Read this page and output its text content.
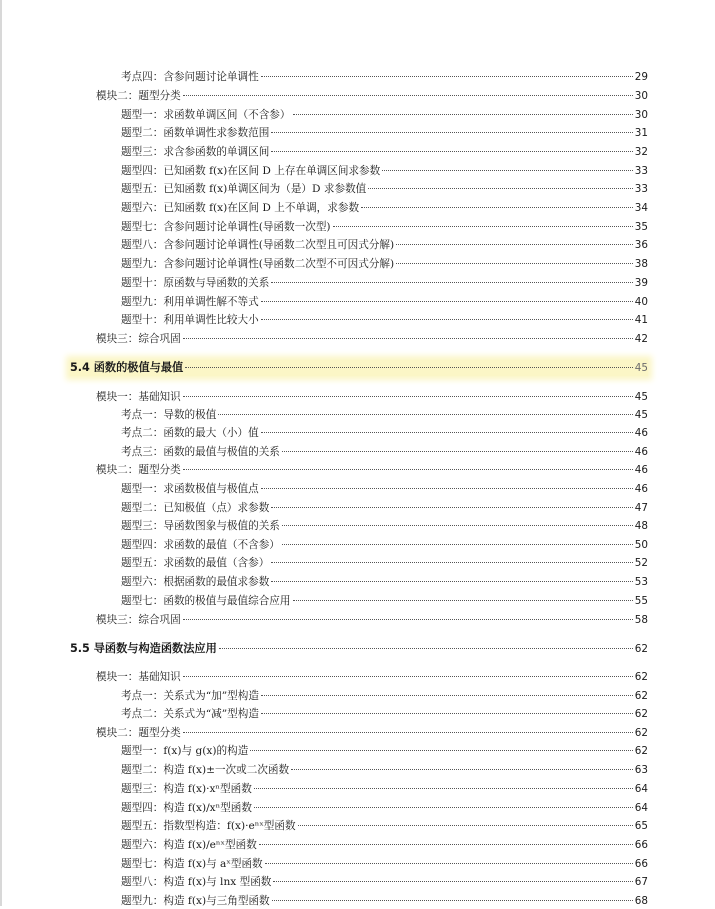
考点四：含参问题讨论单调性	29
模块二：题型分类	30
题型一：求函数单调区间（不含参）	30
题型二：函数单调性求参数范围	31
题型三：求含参函数的单调区间	32
题型四：已知函数 f(x)在区间 D 上存在单调区间求参数	33
题型五：已知函数 f(x)单调区间为（是）D 求参数值	33
题型六：已知函数 f(x)在区间 D 上不单调，求参数	34
题型七：含参问题讨论单调性(导函数一次型)	35
题型八：含参问题讨论单调性(导函数二次型且可因式分解)	36
题型九：含参问题讨论单调性(导函数二次型不可因式分解)	38
题型十：原函数与导函数的关系	39
题型九：利用单调性解不等式	40
题型十：利用单调性比较大小	41
模块三：综合巩固	42
5.4 函数的极值与最值	45
模块一：基础知识	45
考点一：导数的极值	45
考点二：函数的最大（小）值	46
考点三：函数的最值与极值的关系	46
模块二：题型分类	46
题型一：求函数极值与极值点	46
题型二：已知极值（点）求参数	47
题型三：导函数图象与极值的关系	48
题型四：求函数的最值（不含参）	50
题型五：求函数的最值（含参）	52
题型六：根据函数的最值求参数	53
题型七：函数的极值与最值综合应用	55
模块三：综合巩固	58
5.5 导函数与构造函数法应用	62
模块一：基础知识	62
考点一：关系式为“加”型构造	62
考点二：关系式为“减”型构造	62
模块二：题型分类	62
题型一：f(x)与 g(x)的构造	62
题型二：构造 f(x)±一次或二次函数	63
题型三：构造 f(x)·xⁿ型函数	64
题型四：构造 f(x)/xⁿ型函数	64
题型五：指数型构造：f(x)·eⁿˣ型函数	65
题型六：构造 f(x)/eⁿˣ型函数	66
题型七：构造 f(x)与 aˣ型函数	66
题型八：构造 f(x)与 lnx 型函数	67
题型九：构造 f(x)与三角型函数	68
